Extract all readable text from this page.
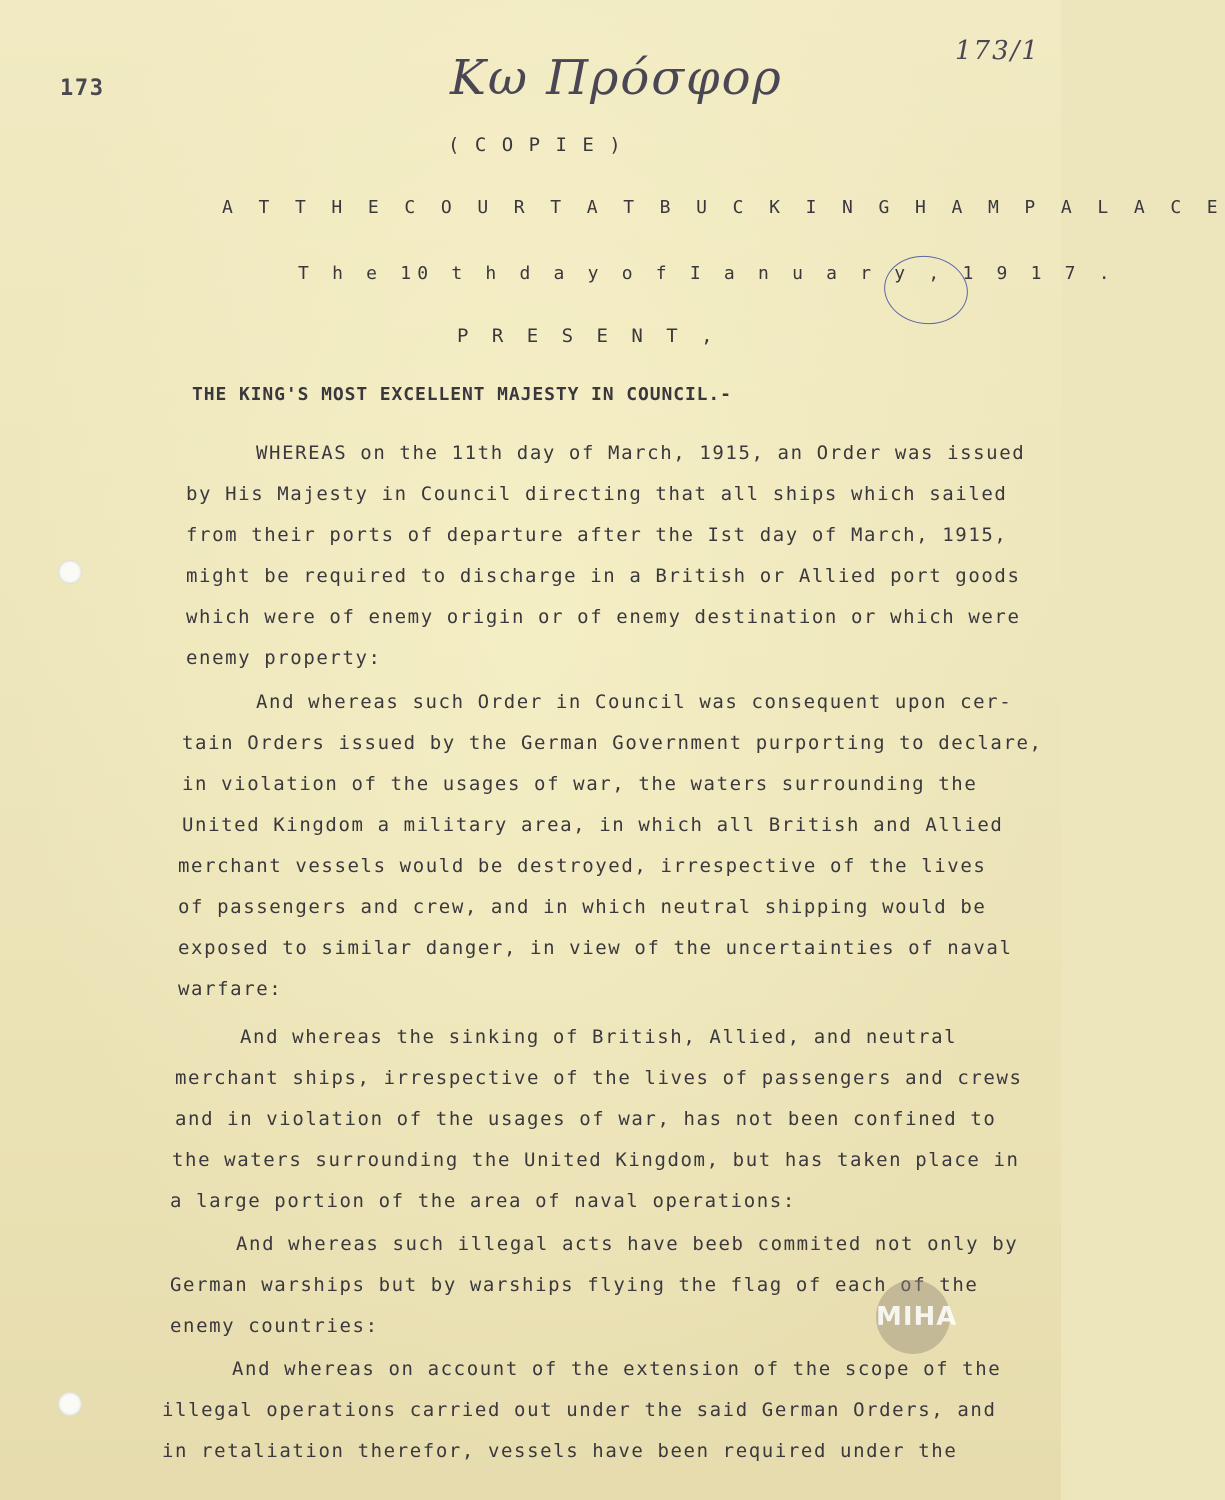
173	Κω Πρόσφορ	173/1
( C O P I E )
A T T H E C O U R T A T B U C K I N G H A M P A L A C E
T h e 10 t h d a y o f I a n u a r y , 1 9 1 7 .
P R E S E N T ,
THE KING'S MOST EXCELLENT MAJESTY IN COUNCIL.-
WHEREAS on the 11th day of March, 1915, an Order was issued
by His Majesty in Council directing that all ships which sailed
from their ports of departure after the Ist day of March, 1915,
might be required to discharge in a British or Allied port goods
which were of enemy origin or of enemy destination or which were
enemy property:
And whereas such Order in Council was consequent upon cer-
tain Orders issued by the German Government purporting to declare,
in violation of the usages of war, the waters surrounding the
United Kingdom a military area, in which all British and Allied
merchant vessels would be destroyed, irrespective of the lives
of passengers and crew, and in which neutral shipping would be
exposed to similar danger, in view of the uncertainties of naval
warfare:
And whereas the sinking of British, Allied, and neutral
merchant ships, irrespective of the lives of passengers and crews
and in violation of the usages of war, has not been confined to
the waters surrounding the United Kingdom, but has taken place in
a large portion of the area of naval operations:
And whereas such illegal acts have beeb commited not only by
German warships but by warships flying the flag of each of the
enemy countries:
And whereas on account of the extension of the scope of the
illegal operations carried out under the said German Orders, and
in retaliation therefor, vessels have been required under the
ΜΙΗΑ
